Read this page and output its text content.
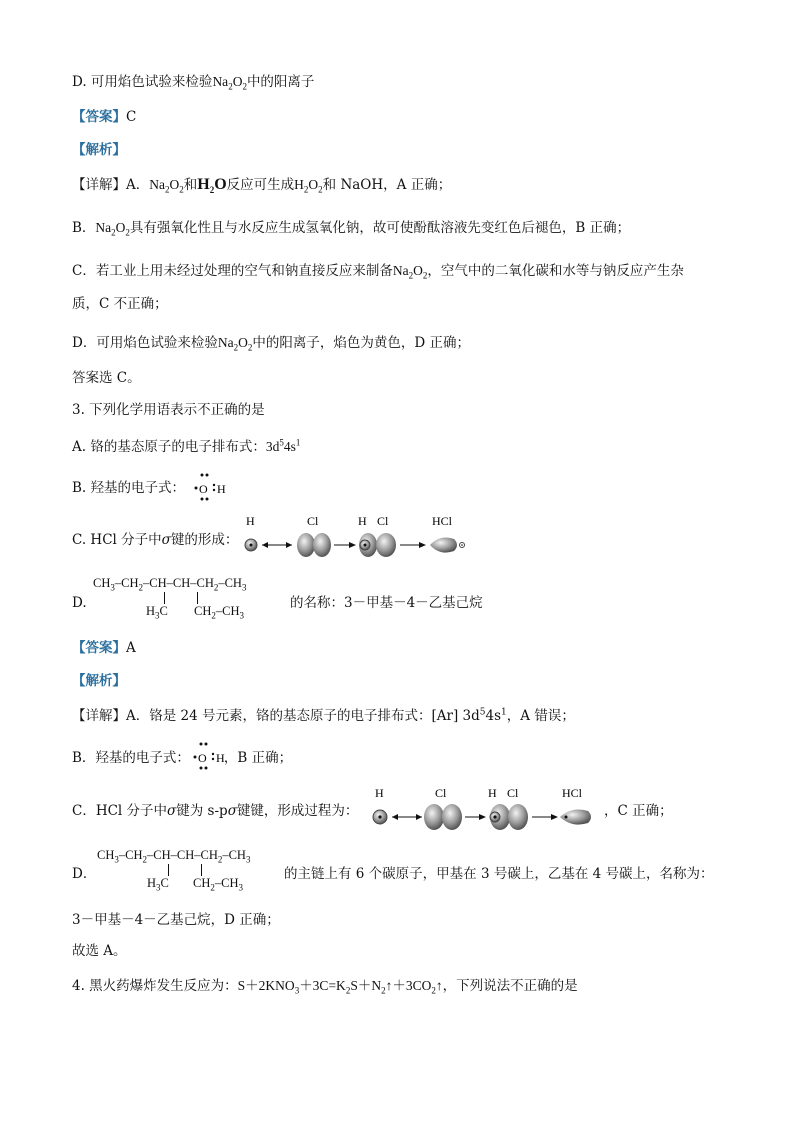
D. 可用焰色试验来检验$Na_2O_2$中的阳离子
【答案】C
【解析】
【详解】A．$Na_2O_2$和$H_2O$反应可生成$H_2O_2$和 NaOH，A 正确；
B．$Na_2O_2$具有强氧化性且与水反应生成氢氧化钠，故可使酚酞溶液先变红色后褪色，B 正确；
C．若工业上用未经过处理的空气和钠直接反应来制备$Na_2O_2$，空气中的二氧化碳和水等与钠反应产生杂
质，C 不正确；
D．可用焰色试验来检验$Na_2O_2$中的阳离子，焰色为黄色，D 正确；
答案选 C。
3. 下列化学用语表示不正确的是
A. 铬的基态原子的电子排布式：$3d^54s^1$
B. 羟基的电子式： O H
C. HCl 分子中σ键的形成：
H	Cl	H Cl	HCl
D.
$CH_3-CH_2-CH-CH-CH_2-CH_3$
$H_3C$ $CH_2-CH_3$
的名称：3－甲基－4－乙基己烷
【答案】A
【解析】
【详解】A．铬是 24 号元素，铬的基态原子的电子排布式：[Ar] $3d^54s^1$，A 错误；
B．羟基的电子式：	，B 正确；
O H
C．HCl 分子中σ键为 s-pσ键键，形成过程为：
H	Cl	H Cl	HCl
，C 正确；
D．
$CH_3-CH_2-CH-CH-CH_2-CH_3$
$H_3C$ $CH_2-CH_3$
的主链上有 6 个碳原子，甲基在 3 号碳上，乙基在 4 号碳上，名称为：
3－甲基－4－乙基己烷，D 正确；
故选 A。
4. 黑火药爆炸发生反应为：$S+2KNO_3+3C=K_2S+N_2↑+3CO_2↑$，下列说法不正确的是
